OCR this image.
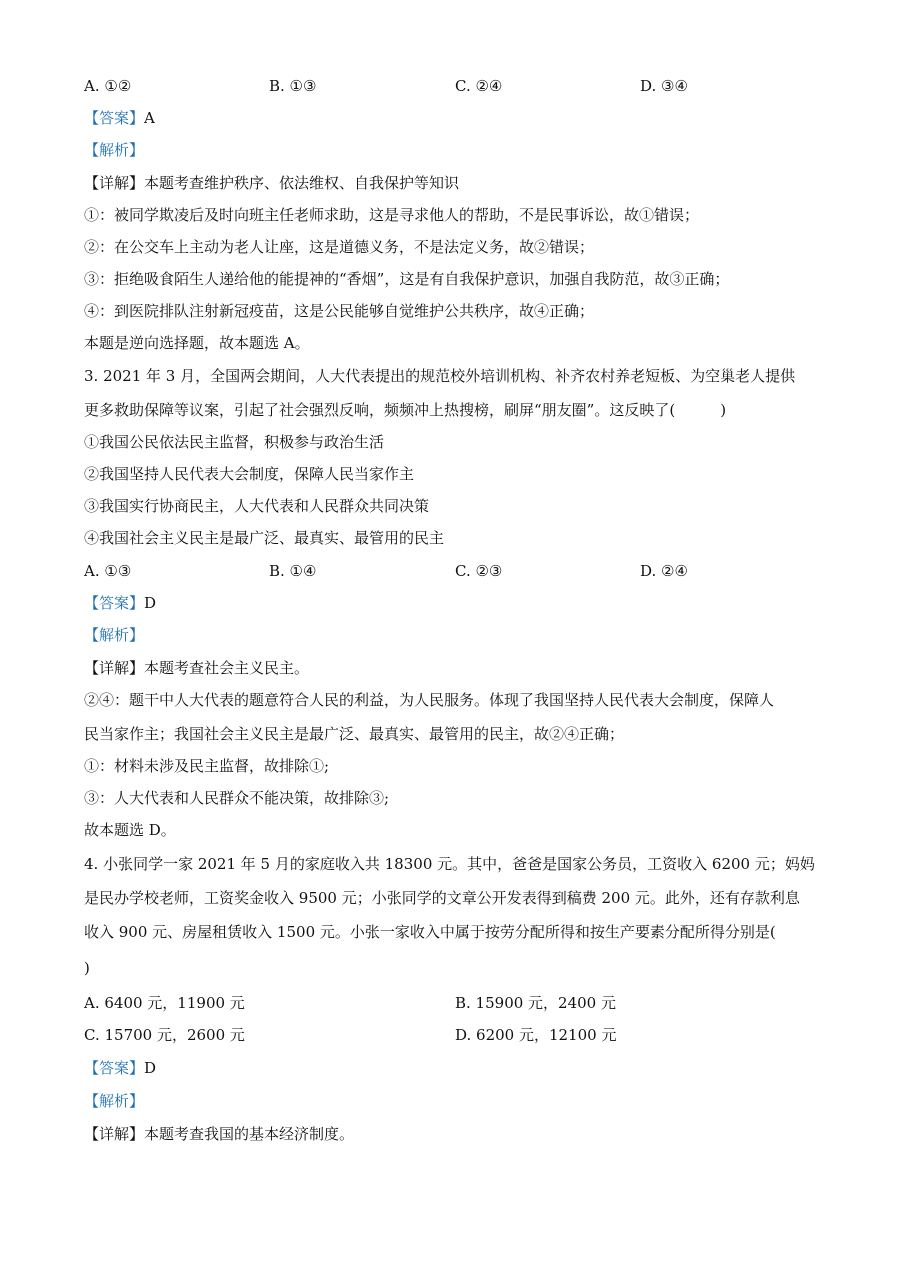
A. ①②	B. ①③	C. ②④	D. ③④
【答案】A
【解析】
【详解】本题考查维护秩序、依法维权、自我保护等知识
①：被同学欺凌后及时向班主任老师求助，这是寻求他人的帮助，不是民事诉讼，故①错误；
②：在公交车上主动为老人让座，这是道德义务，不是法定义务，故②错误；
③：拒绝吸食陌生人递给他的能提神的“香烟”，这是有自我保护意识，加强自我防范，故③正确；
④：到医院排队注射新冠疫苗，这是公民能够自觉维护公共秩序，故④正确；
本题是逆向选择题，故本题选 A。
3. 2021 年 3 月，全国两会期间，人大代表提出的规范校外培训机构、补齐农村养老短板、为空巢老人提供
更多救助保障等议案，引起了社会强烈反响，频频冲上热搜榜，刷屏“朋友圈”。这反映了(　　　)
①我国公民依法民主监督，积极参与政治生活
②我国坚持人民代表大会制度，保障人民当家作主
③我国实行协商民主，人大代表和人民群众共同决策
④我国社会主义民主是最广泛、最真实、最管用的民主
A. ①③	B. ①④	C. ②③	D. ②④
【答案】D
【解析】
【详解】本题考查社会主义民主。
②④：题干中人大代表的题意符合人民的利益，为人民服务。体现了我国坚持人民代表大会制度，保障人
民当家作主；我国社会主义民主是最广泛、最真实、最管用的民主，故②④正确；
①：材料未涉及民主监督，故排除①;
③：人大代表和人民群众不能决策，故排除③;
故本题选 D。
4. 小张同学一家 2021 年 5 月的家庭收入共 18300 元。其中，爸爸是国家公务员，工资收入 6200 元；妈妈
是民办学校老师，工资奖金收入 9500 元；小张同学的文章公开发表得到稿费 200 元。此外，还有存款利息
收入 900 元、房屋租赁收入 1500 元。小张一家收入中属于按劳分配所得和按生产要素分配所得分别是(
)
A. 6400 元，11900 元	B. 15900 元，2400 元
C. 15700 元，2600 元	D. 6200 元，12100 元
【答案】D
【解析】
【详解】本题考查我国的基本经济制度。
